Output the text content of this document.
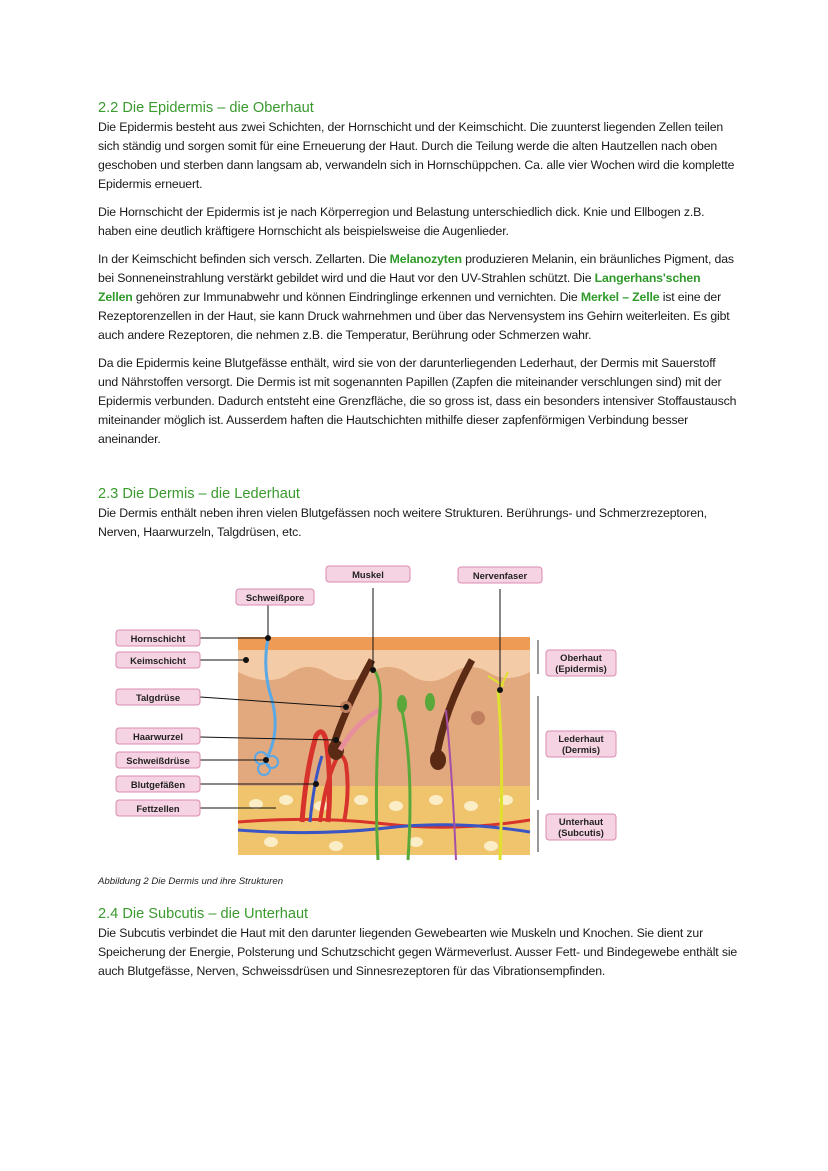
2.2 Die Epidermis – die Oberhaut

Die Epidermis besteht aus zwei Schichten, der Hornschicht und der Keimschicht. Die zuunterst liegenden Zellen teilen sich ständig und sorgen somit für eine Erneuerung der Haut. Durch die Teilung werde die alten Hautzellen nach oben geschoben und sterben dann langsam ab, verwandeln sich in Hornschüppchen. Ca. alle vier Wochen wird die komplette Epidermis erneuert.

Die Hornschicht der Epidermis ist je nach Körperregion und Belastung unterschiedlich dick. Knie und Ellbogen z.B. haben eine deutlich kräftigere Hornschicht als beispielsweise die Augenlieder.

In der Keimschicht befinden sich versch. Zellarten. Die Melanozyten produzieren Melanin, ein bräunliches Pigment, das bei Sonneneinstrahlung verstärkt gebildet wird und die Haut vor den UV-Strahlen schützt. Die Langerhans'schen Zellen gehören zur Immunabwehr und können Eindringlinge erkennen und vernichten. Die Merkel – Zelle ist eine der Rezeptorenzellen in der Haut, sie kann Druck wahrnehmen und über das Nervensystem ins Gehirn weiterleiten. Es gibt auch andere Rezeptoren, die nehmen z.B. die Temperatur, Berührung oder Schmerzen wahr.

Da die Epidermis keine Blutgefässe enthält, wird sie von der darunterliegenden Lederhaut, der Dermis mit Sauerstoff und Nährstoffen versorgt. Die Dermis ist mit sogenannten Papillen (Zapfen die miteinander verschlungen sind) mit der Epidermis verbunden. Dadurch entsteht eine Grenzfläche, die so gross ist, dass ein besonders intensiver Stoffaustausch miteinander möglich ist. Ausserdem haften die Hautschichten mithilfe dieser zapfenförmigen Verbindung besser aneinander.

2.3 Die Dermis – die Lederhaut

Die Dermis enthält neben ihren vielen Blutgefässen noch weitere Strukturen. Berührungs- und Schmerzrezeptoren, Nerven, Haarwurzeln, Talgdrüsen, etc.

Hornschicht
Keimschicht
Talgdrüse
Haarwurzel
Schweißdrüse
Blutgefäßen
Fettzellen
Schweißpore
Muskel	Nervenfaser
Oberhaut
(Epidermis)
Lederhaut
(Dermis)
Unterhaut
(Subcutis)
Abbildung 2 Die Dermis und ihre Strukturen
2.4 Die Subcutis – die Unterhaut

Die Subcutis verbindet die Haut mit den darunter liegenden Gewebearten wie Muskeln und Knochen. Sie dient zur Speicherung der Energie, Polsterung und Schutzschicht gegen Wärmeverlust. Ausser Fett- und Bindegewebe enthält sie auch Blutgefässe, Nerven, Schweissdrüsen und Sinnesrezeptoren für das Vibrationsempfinden.
